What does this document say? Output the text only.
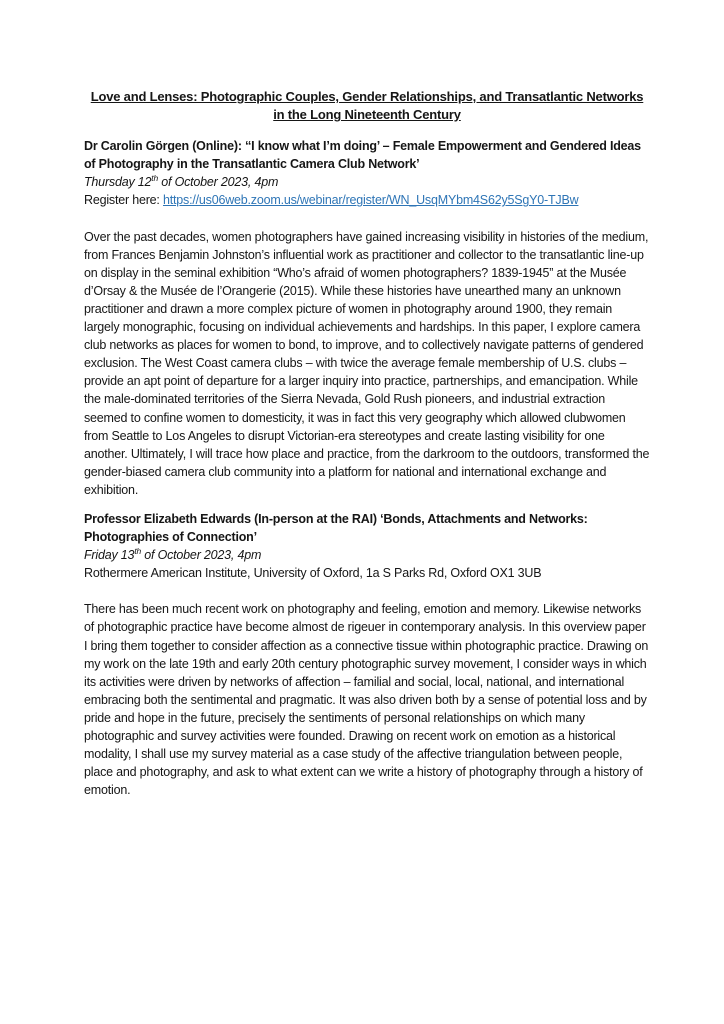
Love and Lenses: Photographic Couples, Gender Relationships, and Transatlantic Networks
in the Long Nineteenth Century
Dr Carolin Görgen (Online): ‘‘I know what I’m doing’ – Female Empowerment and Gendered Ideas of Photography in the Transatlantic Camera Club Network’
Thursday 12th of October 2023, 4pm
Register here: https://us06web.zoom.us/webinar/register/WN_UsqMYbm4S62y5SgY0-TJBw

Over the past decades, women photographers have gained increasing visibility in histories of the medium, from Frances Benjamin Johnston’s influential work as practitioner and collector to the transatlantic line-up on display in the seminal exhibition “Who’s afraid of women photographers? 1839-1945” at the Musée d’Orsay & the Musée de l’Orangerie (2015). While these histories have unearthed many an unknown practitioner and drawn a more complex picture of women in photography around 1900, they remain largely monographic, focusing on individual achievements and hardships. In this paper, I explore camera club networks as places for women to bond, to improve, and to collectively navigate patterns of gendered exclusion. The West Coast camera clubs – with twice the average female membership of U.S. clubs – provide an apt point of departure for a larger inquiry into practice, partnerships, and emancipation. While the male-dominated territories of the Sierra Nevada, Gold Rush pioneers, and industrial extraction seemed to confine women to domesticity, it was in fact this very geography which allowed clubwomen from Seattle to Los Angeles to disrupt Victorian-era stereotypes and create lasting visibility for one another. Ultimately, I will trace how place and practice, from the darkroom to the outdoors, transformed the gender-biased camera club community into a platform for national and international exchange and exhibition.

Professor Elizabeth Edwards (In-person at the RAI) ‘Bonds, Attachments and Networks: Photographies of Connection’
Friday 13th of October 2023, 4pm
Rothermere American Institute, University of Oxford, 1a S Parks Rd, Oxford OX1 3UB

There has been much recent work on photography and feeling, emotion and memory. Likewise networks of photographic practice have become almost de rigeuer in contemporary analysis. In this overview paper I bring them together to consider affection as a connective tissue within photographic practice. Drawing on my work on the late 19th and early 20th century photographic survey movement, I consider ways in which its activities were driven by networks of affection – familial and social, local, national, and international embracing both the sentimental and pragmatic. It was also driven both by a sense of potential loss and by pride and hope in the future, precisely the sentiments of personal relationships on which many photographic and survey activities were founded. Drawing on recent work on emotion as a historical modality, I shall use my survey material as a case study of the affective triangulation between people, place and photography, and ask to what extent can we write a history of photography through a history of emotion.
